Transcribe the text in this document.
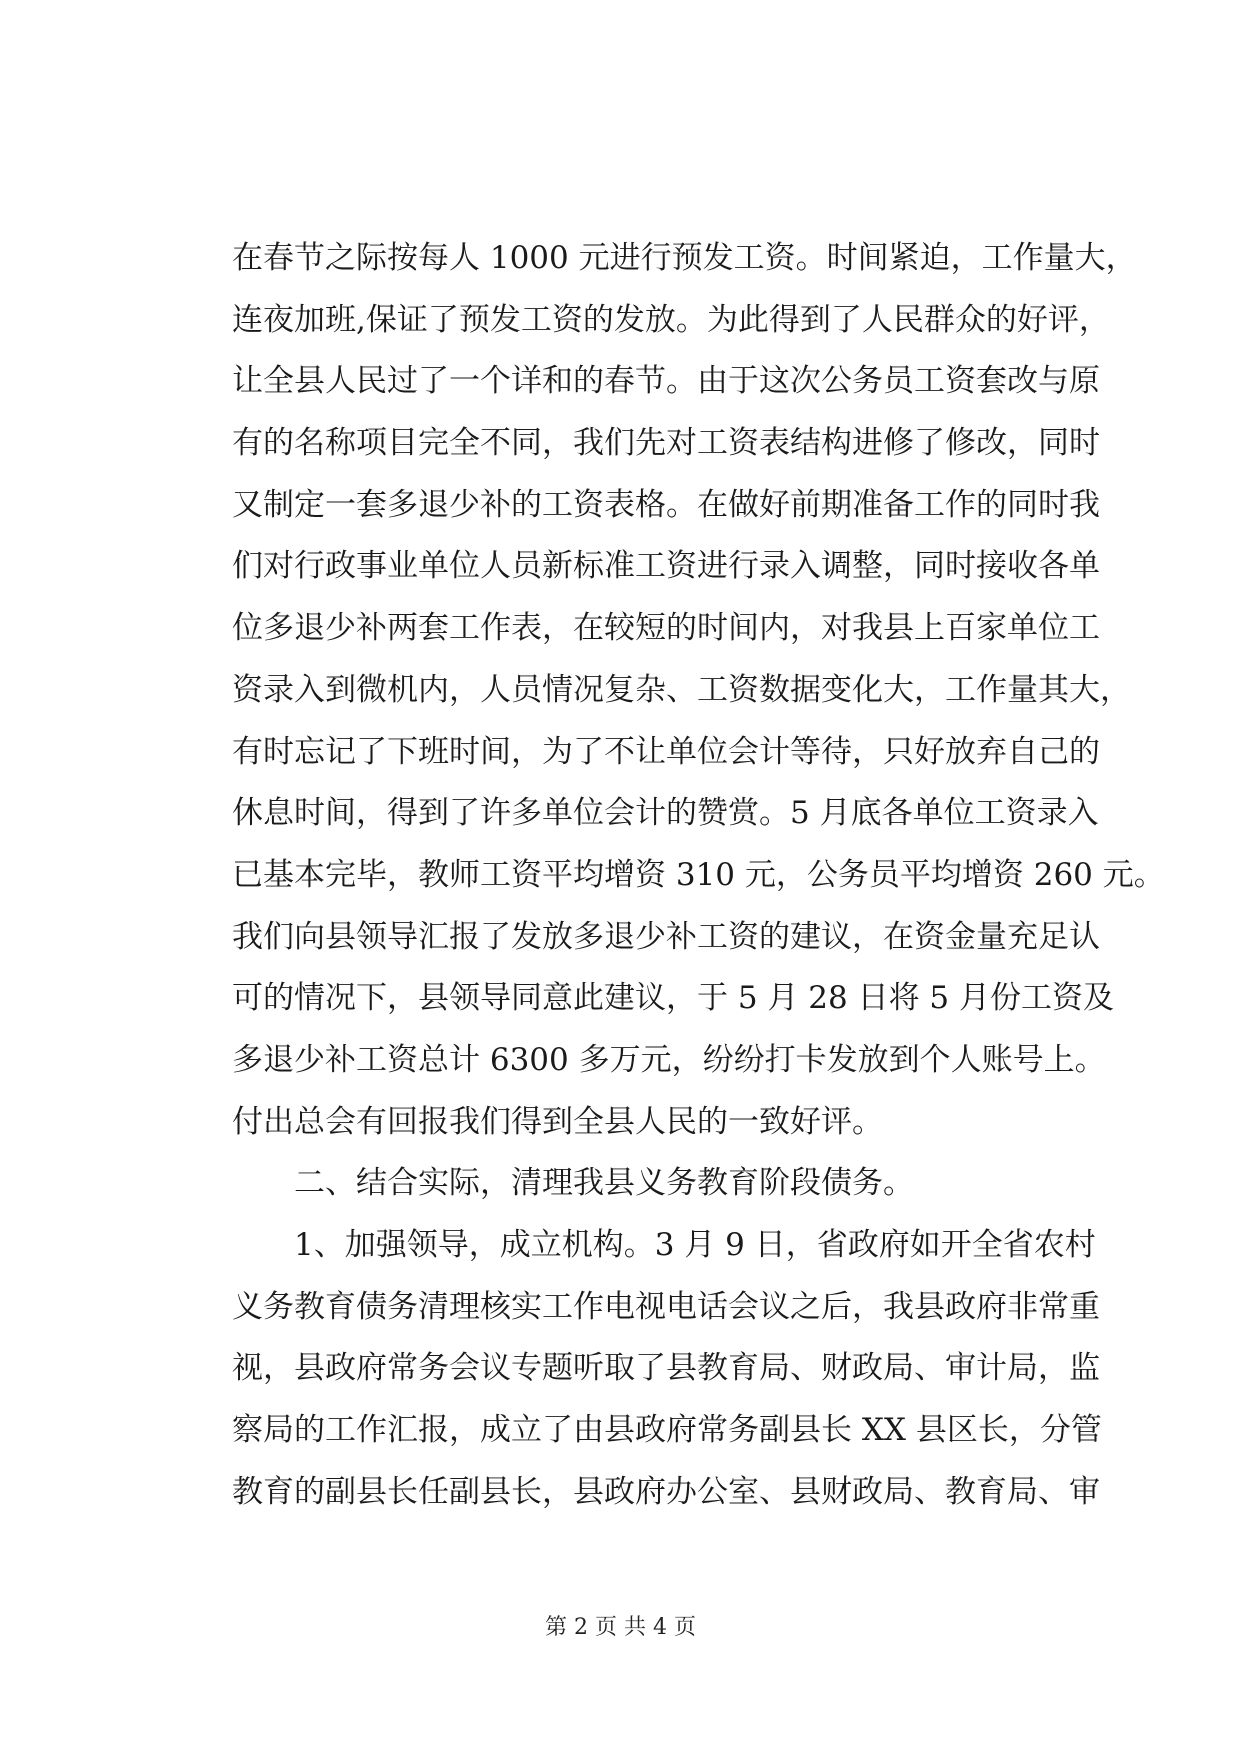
在春节之际按每人 1000 元进行预发工资。时间紧迫，工作量大，
连夜加班,保证了预发工资的发放。为此得到了人民群众的好评，
让全县人民过了一个详和的春节。由于这次公务员工资套改与原
有的名称项目完全不同，我们先对工资表结构进修了修改，同时
又制定一套多退少补的工资表格。在做好前期准备工作的同时我
们对行政事业单位人员新标准工资进行录入调整，同时接收各单
位多退少补两套工作表，在较短的时间内，对我县上百家单位工
资录入到微机内，人员情况复杂、工资数据变化大，工作量其大，
有时忘记了下班时间，为了不让单位会计等待，只好放弃自己的
休息时间，得到了许多单位会计的赞赏。5 月底各单位工资录入
已基本完毕，教师工资平均增资 310 元，公务员平均增资 260 元。
我们向县领导汇报了发放多退少补工资的建议，在资金量充足认
可的情况下，县领导同意此建议，于 5 月 28 日将 5 月份工资及
多退少补工资总计 6300 多万元，纷纷打卡发放到个人账号上。
付出总会有回报我们得到全县人民的一致好评。
二、结合实际，清理我县义务教育阶段债务。
1、加强领导，成立机构。3 月 9 日，省政府如开全省农村
义务教育债务清理核实工作电视电话会议之后，我县政府非常重
视，县政府常务会议专题听取了县教育局、财政局、审计局，监
察局的工作汇报，成立了由县政府常务副县长 XX 县区长，分管
教育的副县长任副县长，县政府办公室、县财政局、教育局、审
第 2 页 共 4 页
